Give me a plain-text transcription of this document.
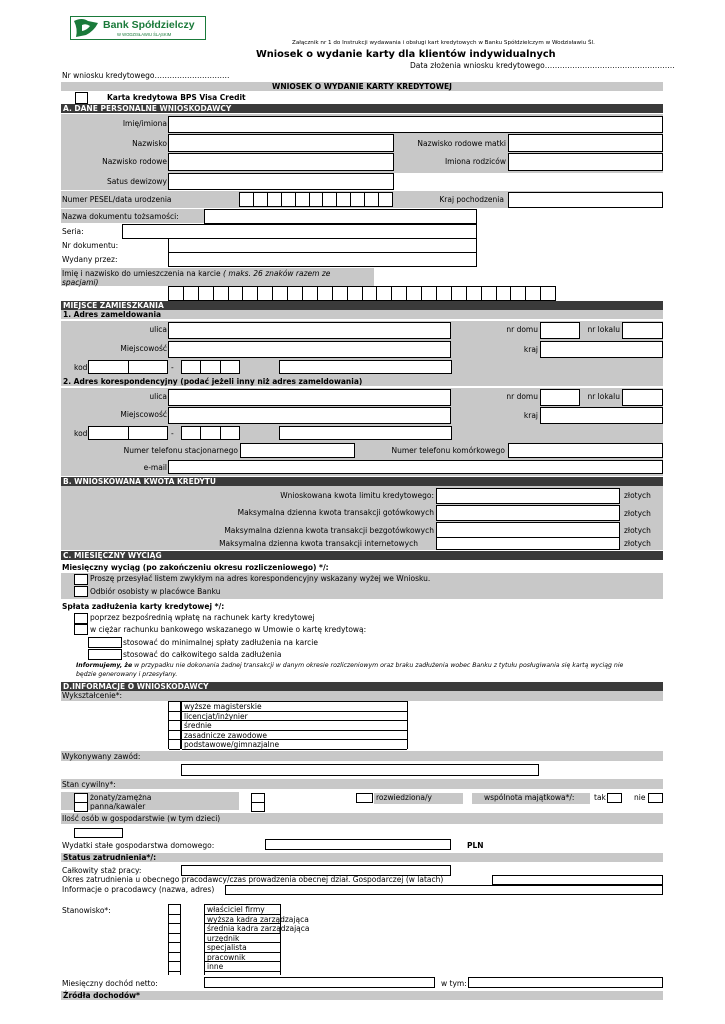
Bank Spółdzielczy
W WODZISŁAWIU ŚLĄSKIM
Załącznik nr 1 do Instrukcji wydawania i obsługi kart kredytowych w Banku Spółdzielczym w Wodzisławiu Śl.
Wniosek o wydanie karty dla klientów indywidualnych
Data złożenia wniosku kredytowego…………………………………………….
Nr wniosku kredytowego…………………………
WNIOSEK O WYDANIE KARTY KREDYTOWEJ
Karta kredytowa BPS Visa Credit
A. DANE PERSONALNE WNIOSKODAWCY
Imię/imiona
Nazwisko	Nazwisko rodowe matki
Nazwisko rodowe	Imiona rodziców
Satus dewizowy
Numer PESEL/data urodzenia	Kraj pochodzenia
Nazwa dokumentu tożsamości:
Seria:
Nr dokumentu:
Wydany przez:
Imię i nazwisko do umieszczenia na karcie ( maks. 26 znaków razem ze spacjami)
MIEJSCE ZAMIESZKANIA
1. Adres zameldowania
ulica	nr domu	nr lokalu
Miejscowość	kraj
kod	-
2. Adres korespondencyjny (podać jeżeli inny niż adres zameldowania)
ulica	nr domu	nr lokalu
Miejscowość	kraj
kod	-
Numer telefonu stacjonarnego	Numer telefonu komórkowego
e-mail
B. WNIOSKOWANA KWOTA KREDYTU
Wnioskowana kwota limitu kredytowego:	złotych
Maksymalna dzienna kwota transakcji gotówkowych	złotych
Maksymalna dzienna kwota transakcji bezgotówkowych	złotych
Maksymalna dzienna kwota transakcji internetowych	złotych
C. MIESIĘCZNY WYCIĄG
Miesięczny wyciąg (po zakończeniu okresu rozliczeniowego) */:
Proszę przesyłać listem zwykłym na adres korespondencyjny wskazany wyżej we Wniosku.
Odbiór osobisty w placówce Banku
Spłata zadłużenia karty kredytowej */:
poprzez bezpośrednią wpłatę na rachunek karty kredytowej
w ciężar rachunku bankowego wskazanego w Umowie o kartę kredytową:
stosować do minimalnej spłaty zadłużenia na karcie
stosować do całkowitego salda zadłużenia
Informujemy, że w przypadku nie dokonania żadnej transakcji w danym okresie rozliczeniowym oraz braku zadłużenia wobec Banku z tytułu posługiwania się kartą wyciąg nie
będzie generowany i przesyłany.
D.INFORMACJE O WNIOSKODAWCY
Wykształcenie*:
wyższe magisterskie
licencjat/inżynier
średnie
zasadnicze zawodowe
podstawowe/gimnazjalne
Wykonywany zawód:
Stan cywilny*:
żonaty/zamężna
panna/kawaler
rozwiedziona/y	wspólnota majątkowa*/:	tak	nie
Ilość osób w gospodarstwie (w tym dzieci)
Wydatki stałe gospodarstwa domowego:	PLN
Status zatrudnienia*/:
Całkowity staż pracy:
Okres zatrudnienia u obecnego pracodawcy/czas prowadzenia obecnej dział. Gospodarczej (w latach)
Informacje o pracodawcy (nazwa, adres)
Stanowisko*:	właściciel firmy
wyższa kadra zarządzająca
średnia kadra zarządzająca
urzędnik
specjalista
pracownik
inne
Miesięczny dochód netto:	w tym:
Źródła dochodów*
